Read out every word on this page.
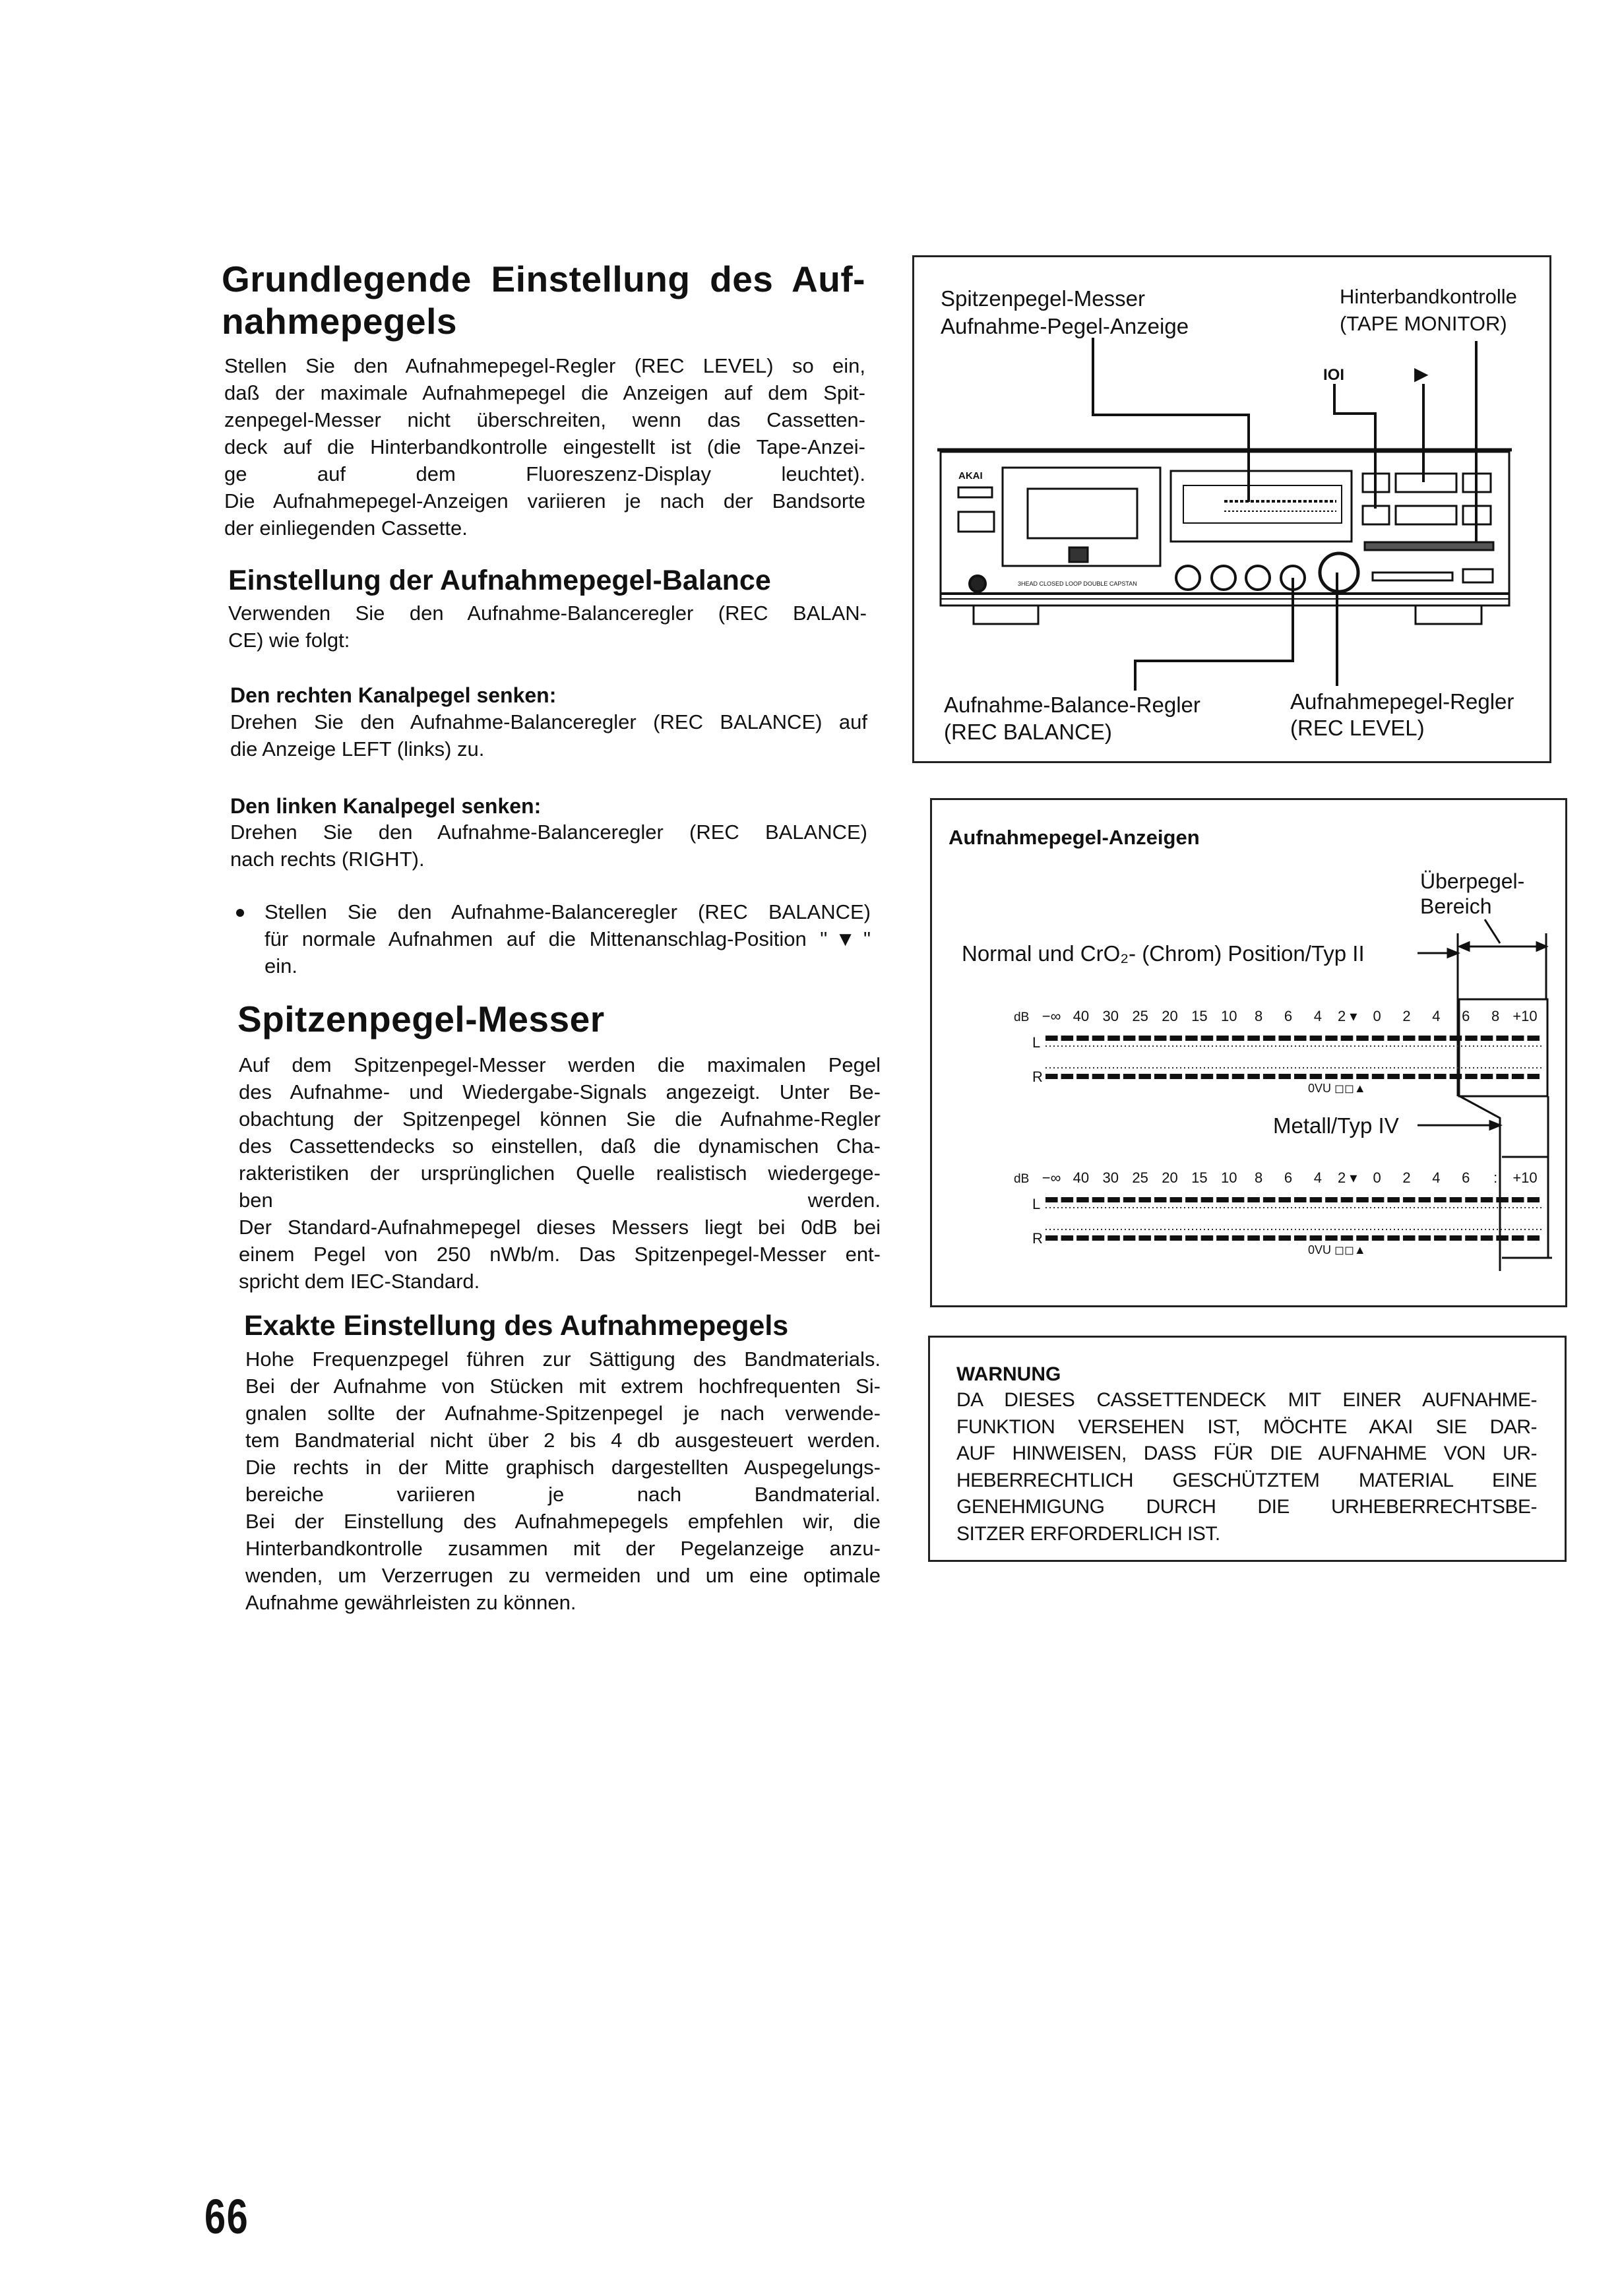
Grundlegende Einstellung des Auf-
nahmepegels
Stellen Sie den Aufnahmepegel-Regler (REC LEVEL) so ein,
daß der maximale Aufnahmepegel die Anzeigen auf dem Spit-
zenpegel-Messer nicht überschreiten, wenn das Cassetten-
deck auf die Hinterbandkontrolle eingestellt ist (die Tape-Anzei-
ge auf dem Fluoreszenz-Display leuchtet).
Die Aufnahmepegel-Anzeigen variieren je nach der Bandsorte
der einliegenden Cassette.
Einstellung der Aufnahmepegel-Balance
Verwenden Sie den Aufnahme-Balanceregler (REC BALAN-
CE) wie folgt:
Den rechten Kanalpegel senken:
Drehen Sie den Aufnahme-Balanceregler (REC BALANCE) auf
die Anzeige LEFT (links) zu.
Den linken Kanalpegel senken:
Drehen Sie den Aufnahme-Balanceregler (REC BALANCE)
nach rechts (RIGHT).
Stellen Sie den Aufnahme-Balanceregler (REC BALANCE)
für normale Aufnahmen auf die Mittenanschlag-Position "▼"
ein.
Spitzenpegel-Messer
Auf dem Spitzenpegel-Messer werden die maximalen Pegel
des Aufnahme- und Wiedergabe-Signals angezeigt. Unter Be-
obachtung der Spitzenpegel können Sie die Aufnahme-Regler
des Cassettendecks so einstellen, daß die dynamischen Cha-
rakteristiken der ursprünglichen Quelle realistisch wiedergege-
ben werden.
Der Standard-Aufnahmepegel dieses Messers liegt bei 0dB bei
einem Pegel von 250 nWb/m. Das Spitzenpegel-Messer ent-
spricht dem IEC-Standard.
Exakte Einstellung des Aufnahmepegels
Hohe Frequenzpegel führen zur Sättigung des Bandmaterials.
Bei der Aufnahme von Stücken mit extrem hochfrequenten Si-
gnalen sollte der Aufnahme-Spitzenpegel je nach verwende-
tem Bandmaterial nicht über 2 bis 4 db ausgesteuert werden.
Die rechts in der Mitte graphisch dargestellten Auspegelungs-
bereiche variieren je nach Bandmaterial.
Bei der Einstellung des Aufnahmepegels empfehlen wir, die
Hinterbandkontrolle zusammen mit der Pegelanzeige anzu-
wenden, um Verzerrugen zu vermeiden und um eine optimale
Aufnahme gewährleisten zu können.
66
Spitzenpegel-Messer
Aufnahme-Pegel-Anzeige
Hinterbandkontrolle
(TAPE MONITOR)
IOI	▶
AKAI
3HEAD CLOSED LOOP DOUBLE CAPSTAN
Aufnahme-Balance-Regler
(REC BALANCE)
Aufnahmepegel-Regler
(REC LEVEL)
Aufnahmepegel-Anzeigen
Überpegel-
Bereich
Normal und CrO₂- (Chrom) Position/Typ II
Metall/Typ IV
dB −∞ 40 30 25 20 15 10 8 6 4 2 ▾ 0 2 4 6 8 +10
L
R
0VU ◻◻▲
dB −∞ 40 30 25 20 15 10 8 6 4 2 ▾ 0 2 4 6 : +10
L
R
0VU ◻◻▲
WARNUNG
DA DIESES CASSETTENDECK MIT EINER AUFNAHME-
FUNKTION VERSEHEN IST, MÖCHTE AKAI SIE DAR-
AUF HINWEISEN, DASS FÜR DIE AUFNAHME VON UR-
HEBERRECHTLICH GESCHÜTZTEM MATERIAL EINE
GENEHMIGUNG DURCH DIE URHEBERRECHTSBE-
SITZER ERFORDERLICH IST.
